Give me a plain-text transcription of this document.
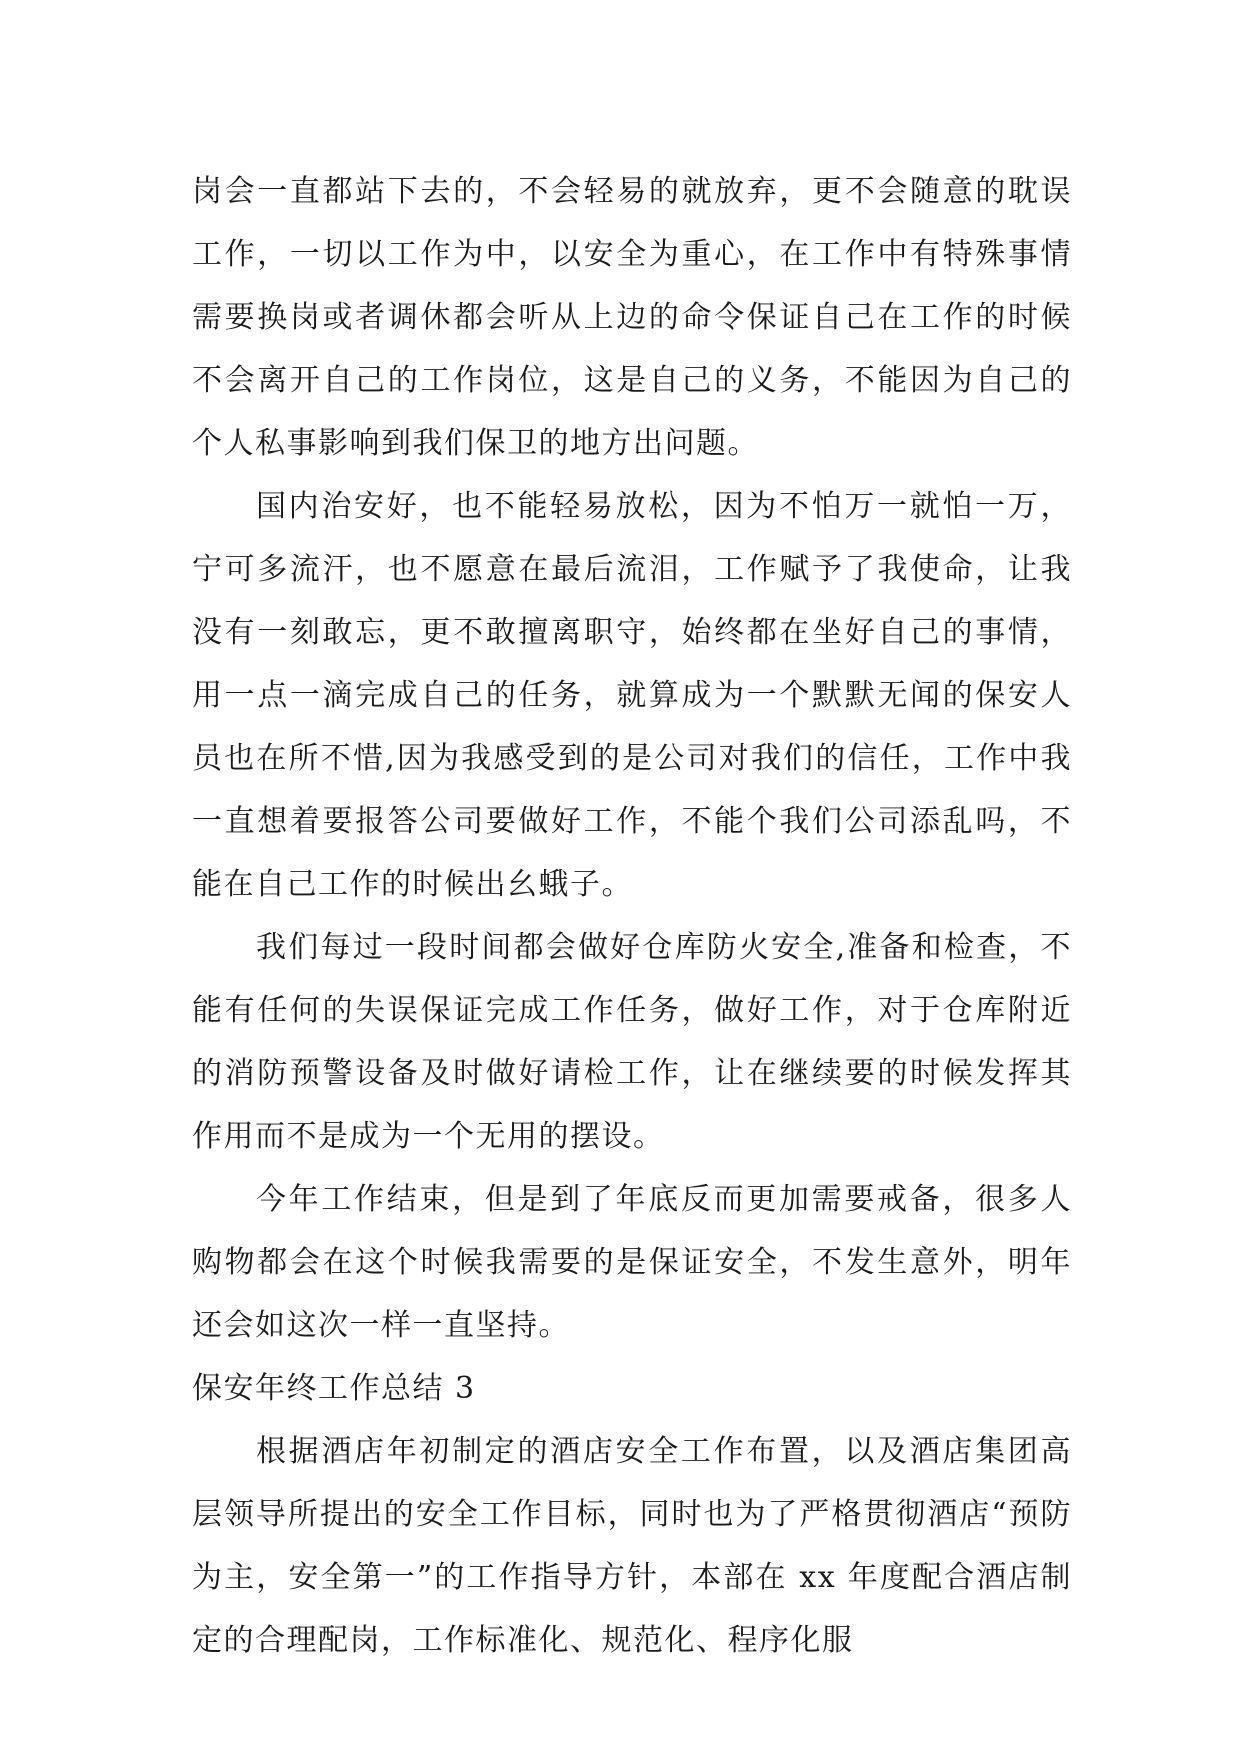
岗会一直都站下去的，不会轻易的就放弃，更不会随意的耽误工作，一切以工作为中，以安全为重心，在工作中有特殊事情需要换岗或者调休都会听从上边的命令保证自己在工作的时候不会离开自己的工作岗位，这是自己的义务，不能因为自己的个人私事影响到我们保卫的地方出问题。

国内治安好，也不能轻易放松，因为不怕万一就怕一万，宁可多流汗，也不愿意在最后流泪，工作赋予了我使命，让我没有一刻敢忘，更不敢擅离职守，始终都在坐好自己的事情，用一点一滴完成自己的任务，就算成为一个默默无闻的保安人员也在所不惜,因为我感受到的是公司对我们的信任，工作中我一直想着要报答公司要做好工作，不能个我们公司添乱吗，不能在自己工作的时候出幺蛾子。

我们每过一段时间都会做好仓库防火安全,准备和检查，不能有任何的失误保证完成工作任务，做好工作，对于仓库附近的消防预警设备及时做好请检工作，让在继续要的时候发挥其作用而不是成为一个无用的摆设。

今年工作结束，但是到了年底反而更加需要戒备，很多人购物都会在这个时候我需要的是保证安全，不发生意外，明年还会如这次一样一直坚持。

保安年终工作总结 3

根据酒店年初制定的酒店安全工作布置，以及酒店集团高层领导所提出的安全工作目标，同时也为了严格贯彻酒店“预防为主，安全第一”的工作指导方针，本部在 xx 年度配合酒店制定的合理配岗，工作标准化、规范化、程序化服
